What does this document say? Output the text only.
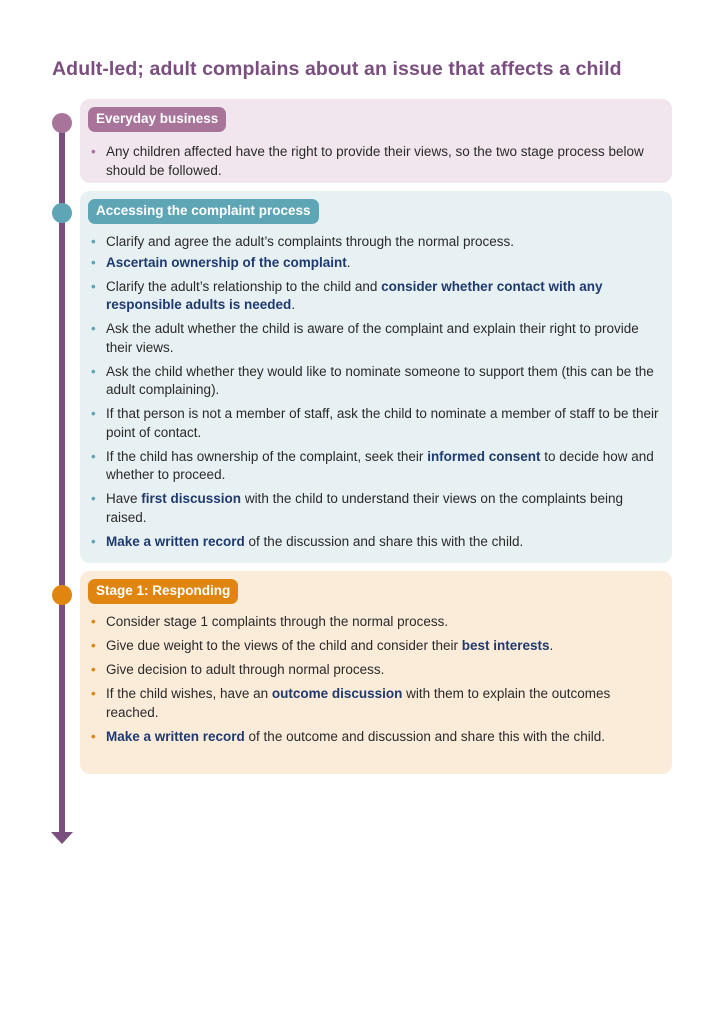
Adult-led; adult complains about an issue that affects a child
Everyday business
• Any children affected have the right to provide their views, so the two stage process below should be followed.
Accessing the complaint process
• Clarify and agree the adult’s complaints through the normal process.
• Ascertain ownership of the complaint.
• Clarify the adult’s relationship to the child and consider whether contact with any responsible adults is needed.
• Ask the adult whether the child is aware of the complaint and explain their right to provide their views.
• Ask the child whether they would like to nominate someone to support them (this can be the adult complaining).
• If that person is not a member of staff, ask the child to nominate a member of staff to be their point of contact.
• If the child has ownership of the complaint, seek their informed consent to decide how and whether to proceed.
• Have first discussion with the child to understand their views on the complaints being raised.
• Make a written record of the discussion and share this with the child.
Stage 1: Responding
• Consider stage 1 complaints through the normal process.
• Give due weight to the views of the child and consider their best interests.
• Give decision to adult through normal process.
• If the child wishes, have an outcome discussion with them to explain the outcomes reached.
• Make a written record of the outcome and discussion and share this with the child.
